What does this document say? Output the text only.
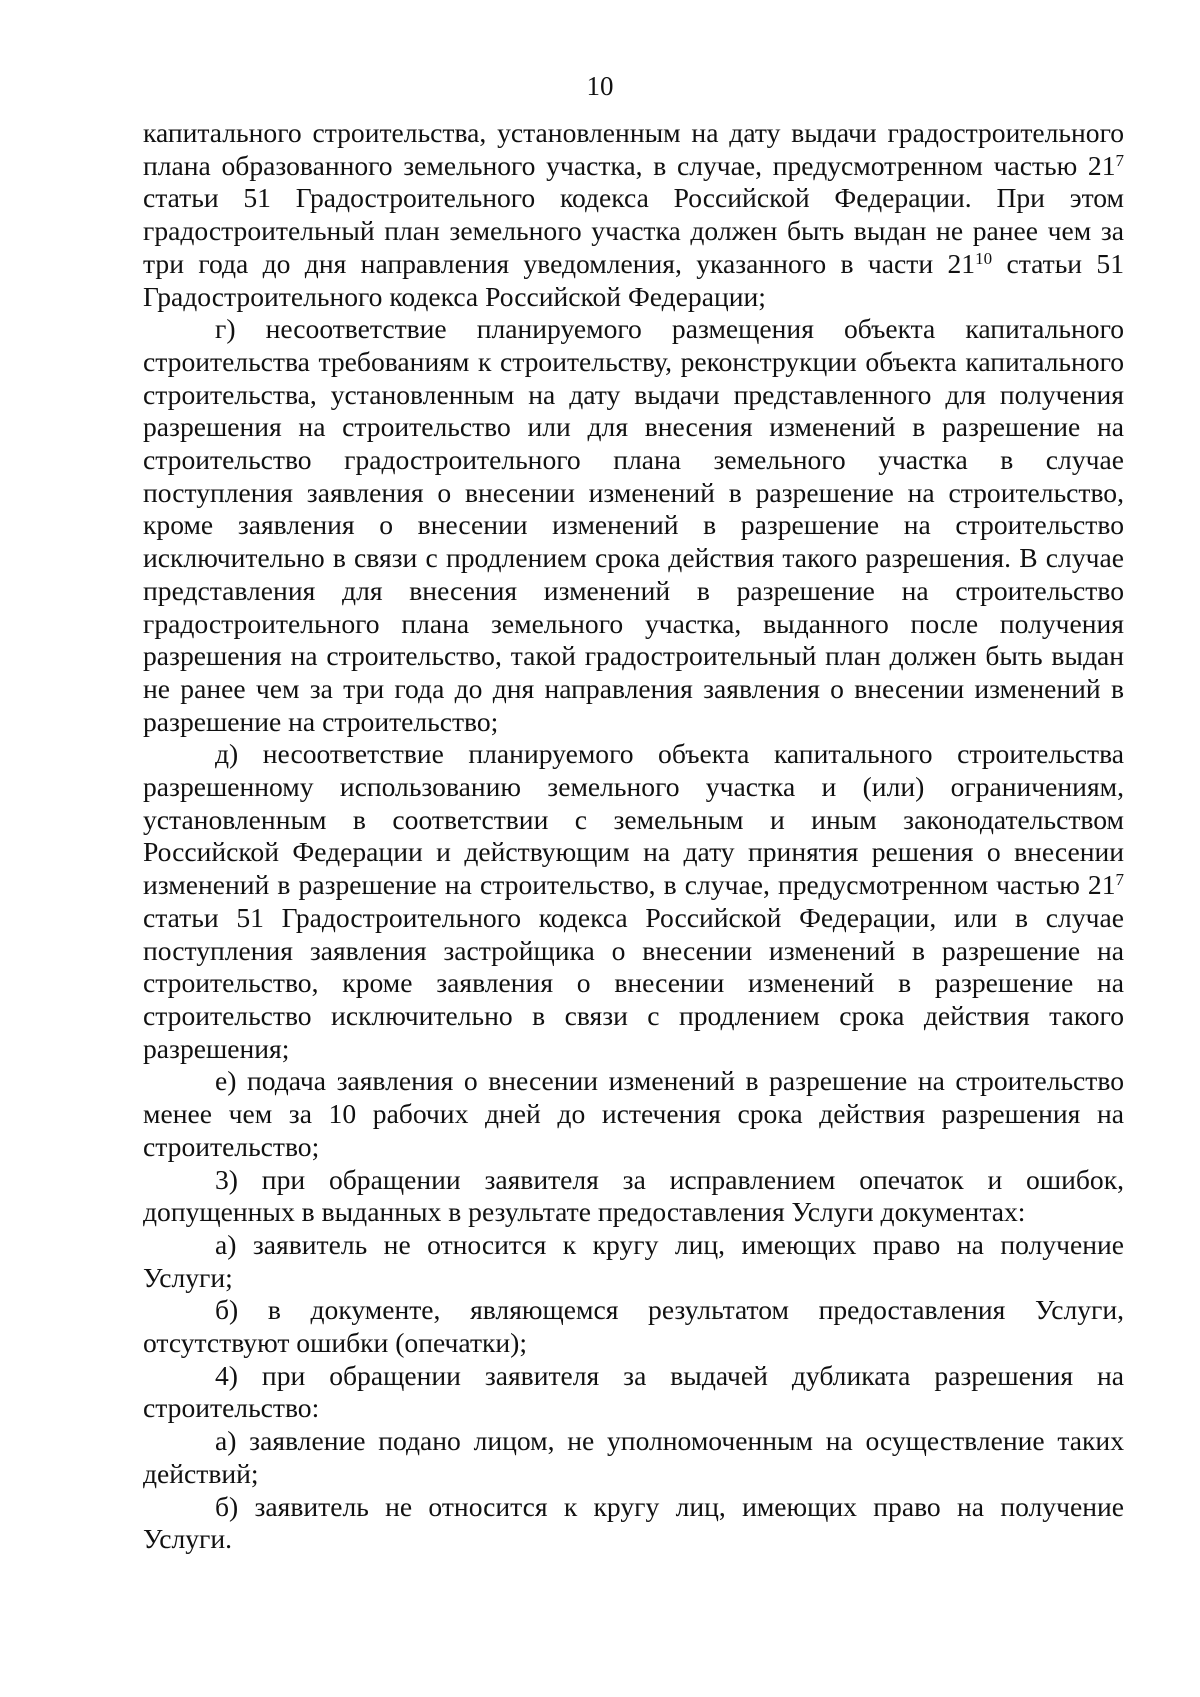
10

капитального строительства, установленным на дату выдачи градостроительного плана образованного земельного участка, в случае, предусмотренном частью $21^7$ статьи 51 Градостроительного кодекса Российской Федерации. При этом градостроительный план земельного участка должен быть выдан не ранее чем за три года до дня направления уведомления, указанного в части $21^{10}$ статьи 51 Градостроительного кодекса Российской Федерации;

г) несоответствие планируемого размещения объекта капитального строительства требованиям к строительству, реконструкции объекта капитального строительства, установленным на дату выдачи представленного для получения разрешения на строительство или для внесения изменений в разрешение на строительство градостроительного плана земельного участка в случае поступления заявления о внесении изменений в разрешение на строительство, кроме заявления о внесении изменений в разрешение на строительство исключительно в связи с продлением срока действия такого разрешения. В случае представления для внесения изменений в разрешение на строительство градостроительного плана земельного участка, выданного после получения разрешения на строительство, такой градостроительный план должен быть выдан не ранее чем за три года до дня направления заявления о внесении изменений в разрешение на строительство;

д) несоответствие планируемого объекта капитального строительства разрешенному использованию земельного участка и (или) ограничениям, установленным в соответствии с земельным и иным законодательством Российской Федерации и действующим на дату принятия решения о внесении изменений в разрешение на строительство, в случае, предусмотренном частью $21^7$ статьи 51 Градостроительного кодекса Российской Федерации, или в случае поступления заявления застройщика о внесении изменений в разрешение на строительство, кроме заявления о внесении изменений в разрешение на строительство исключительно в связи с продлением срока действия такого разрешения;

е) подача заявления о внесении изменений в разрешение на строительство менее чем за 10 рабочих дней до истечения срока действия разрешения на строительство;

3) при обращении заявителя за исправлением опечаток и ошибок, допущенных в выданных в результате предоставления Услуги документах:

а) заявитель не относится к кругу лиц, имеющих право на получение Услуги;

б) в документе, являющемся результатом предоставления Услуги, отсутствуют ошибки (опечатки);

4) при обращении заявителя за выдачей дубликата разрешения на строительство:

а) заявление подано лицом, не уполномоченным на осуществление таких действий;

б) заявитель не относится к кругу лиц, имеющих право на получение Услуги.
